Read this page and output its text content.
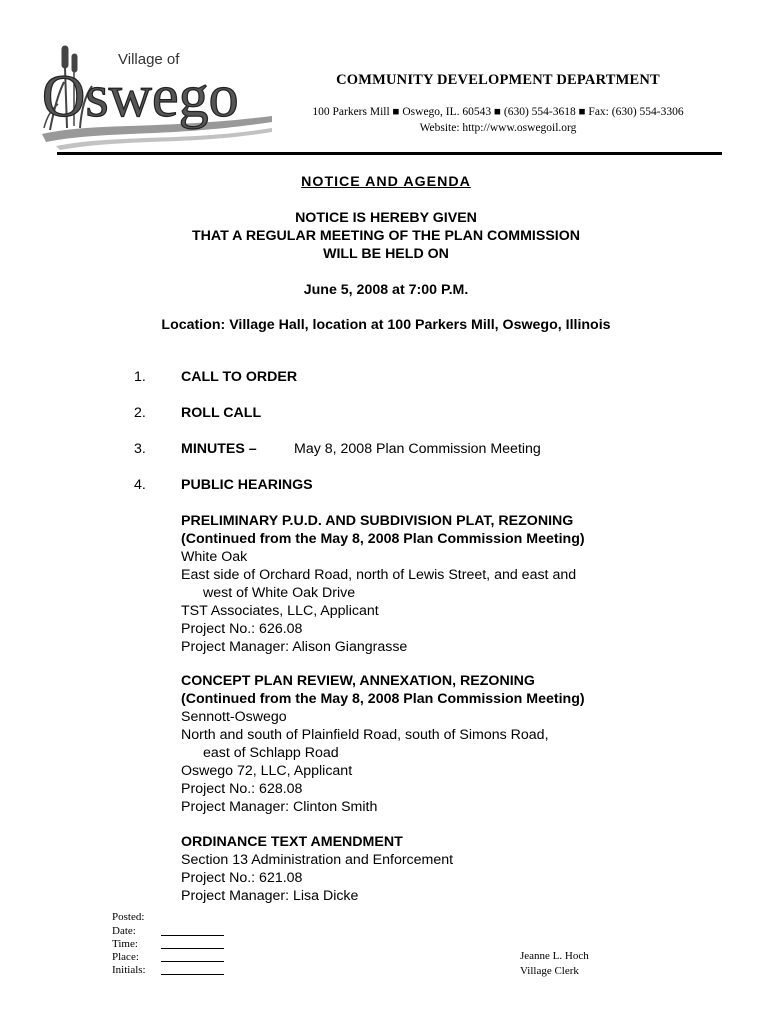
Village of
Oswego	COMMUNITY DEVELOPMENT DEPARTMENT
100 Parkers Mill ■ Oswego, IL. 60543 ■ (630) 554-3618 ■ Fax: (630) 554-3306
Website: http://www.oswegoil.org
NOTICE AND AGENDA
NOTICE IS HEREBY GIVEN
THAT A REGULAR MEETING OF THE PLAN COMMISSION
WILL BE HELD ON
June 5, 2008 at 7:00 P.M.
Location: Village Hall, location at 100 Parkers Mill, Oswego, Illinois
1. CALL TO ORDER
2. ROLL CALL
3. MINUTES –	May 8, 2008 Plan Commission Meeting
4. PUBLIC HEARINGS
PRELIMINARY P.U.D. AND SUBDIVISION PLAT, REZONING
(Continued from the May 8, 2008 Plan Commission Meeting)
White Oak
East side of Orchard Road, north of Lewis Street, and east and
west of White Oak Drive
TST Associates, LLC, Applicant
Project No.: 626.08
Project Manager: Alison Giangrasse
CONCEPT PLAN REVIEW, ANNEXATION, REZONING
(Continued from the May 8, 2008 Plan Commission Meeting)
Sennott-Oswego
North and south of Plainfield Road, south of Simons Road,
east of Schlapp Road
Oswego 72, LLC, Applicant
Project No.: 628.08
Project Manager: Clinton Smith
ORDINANCE TEXT AMENDMENT
Section 13 Administration and Enforcement
Project No.: 621.08
Project Manager: Lisa Dicke
Posted:
Date:
Time:
Place:
Initials:
Jeanne L. Hoch
Village Clerk
